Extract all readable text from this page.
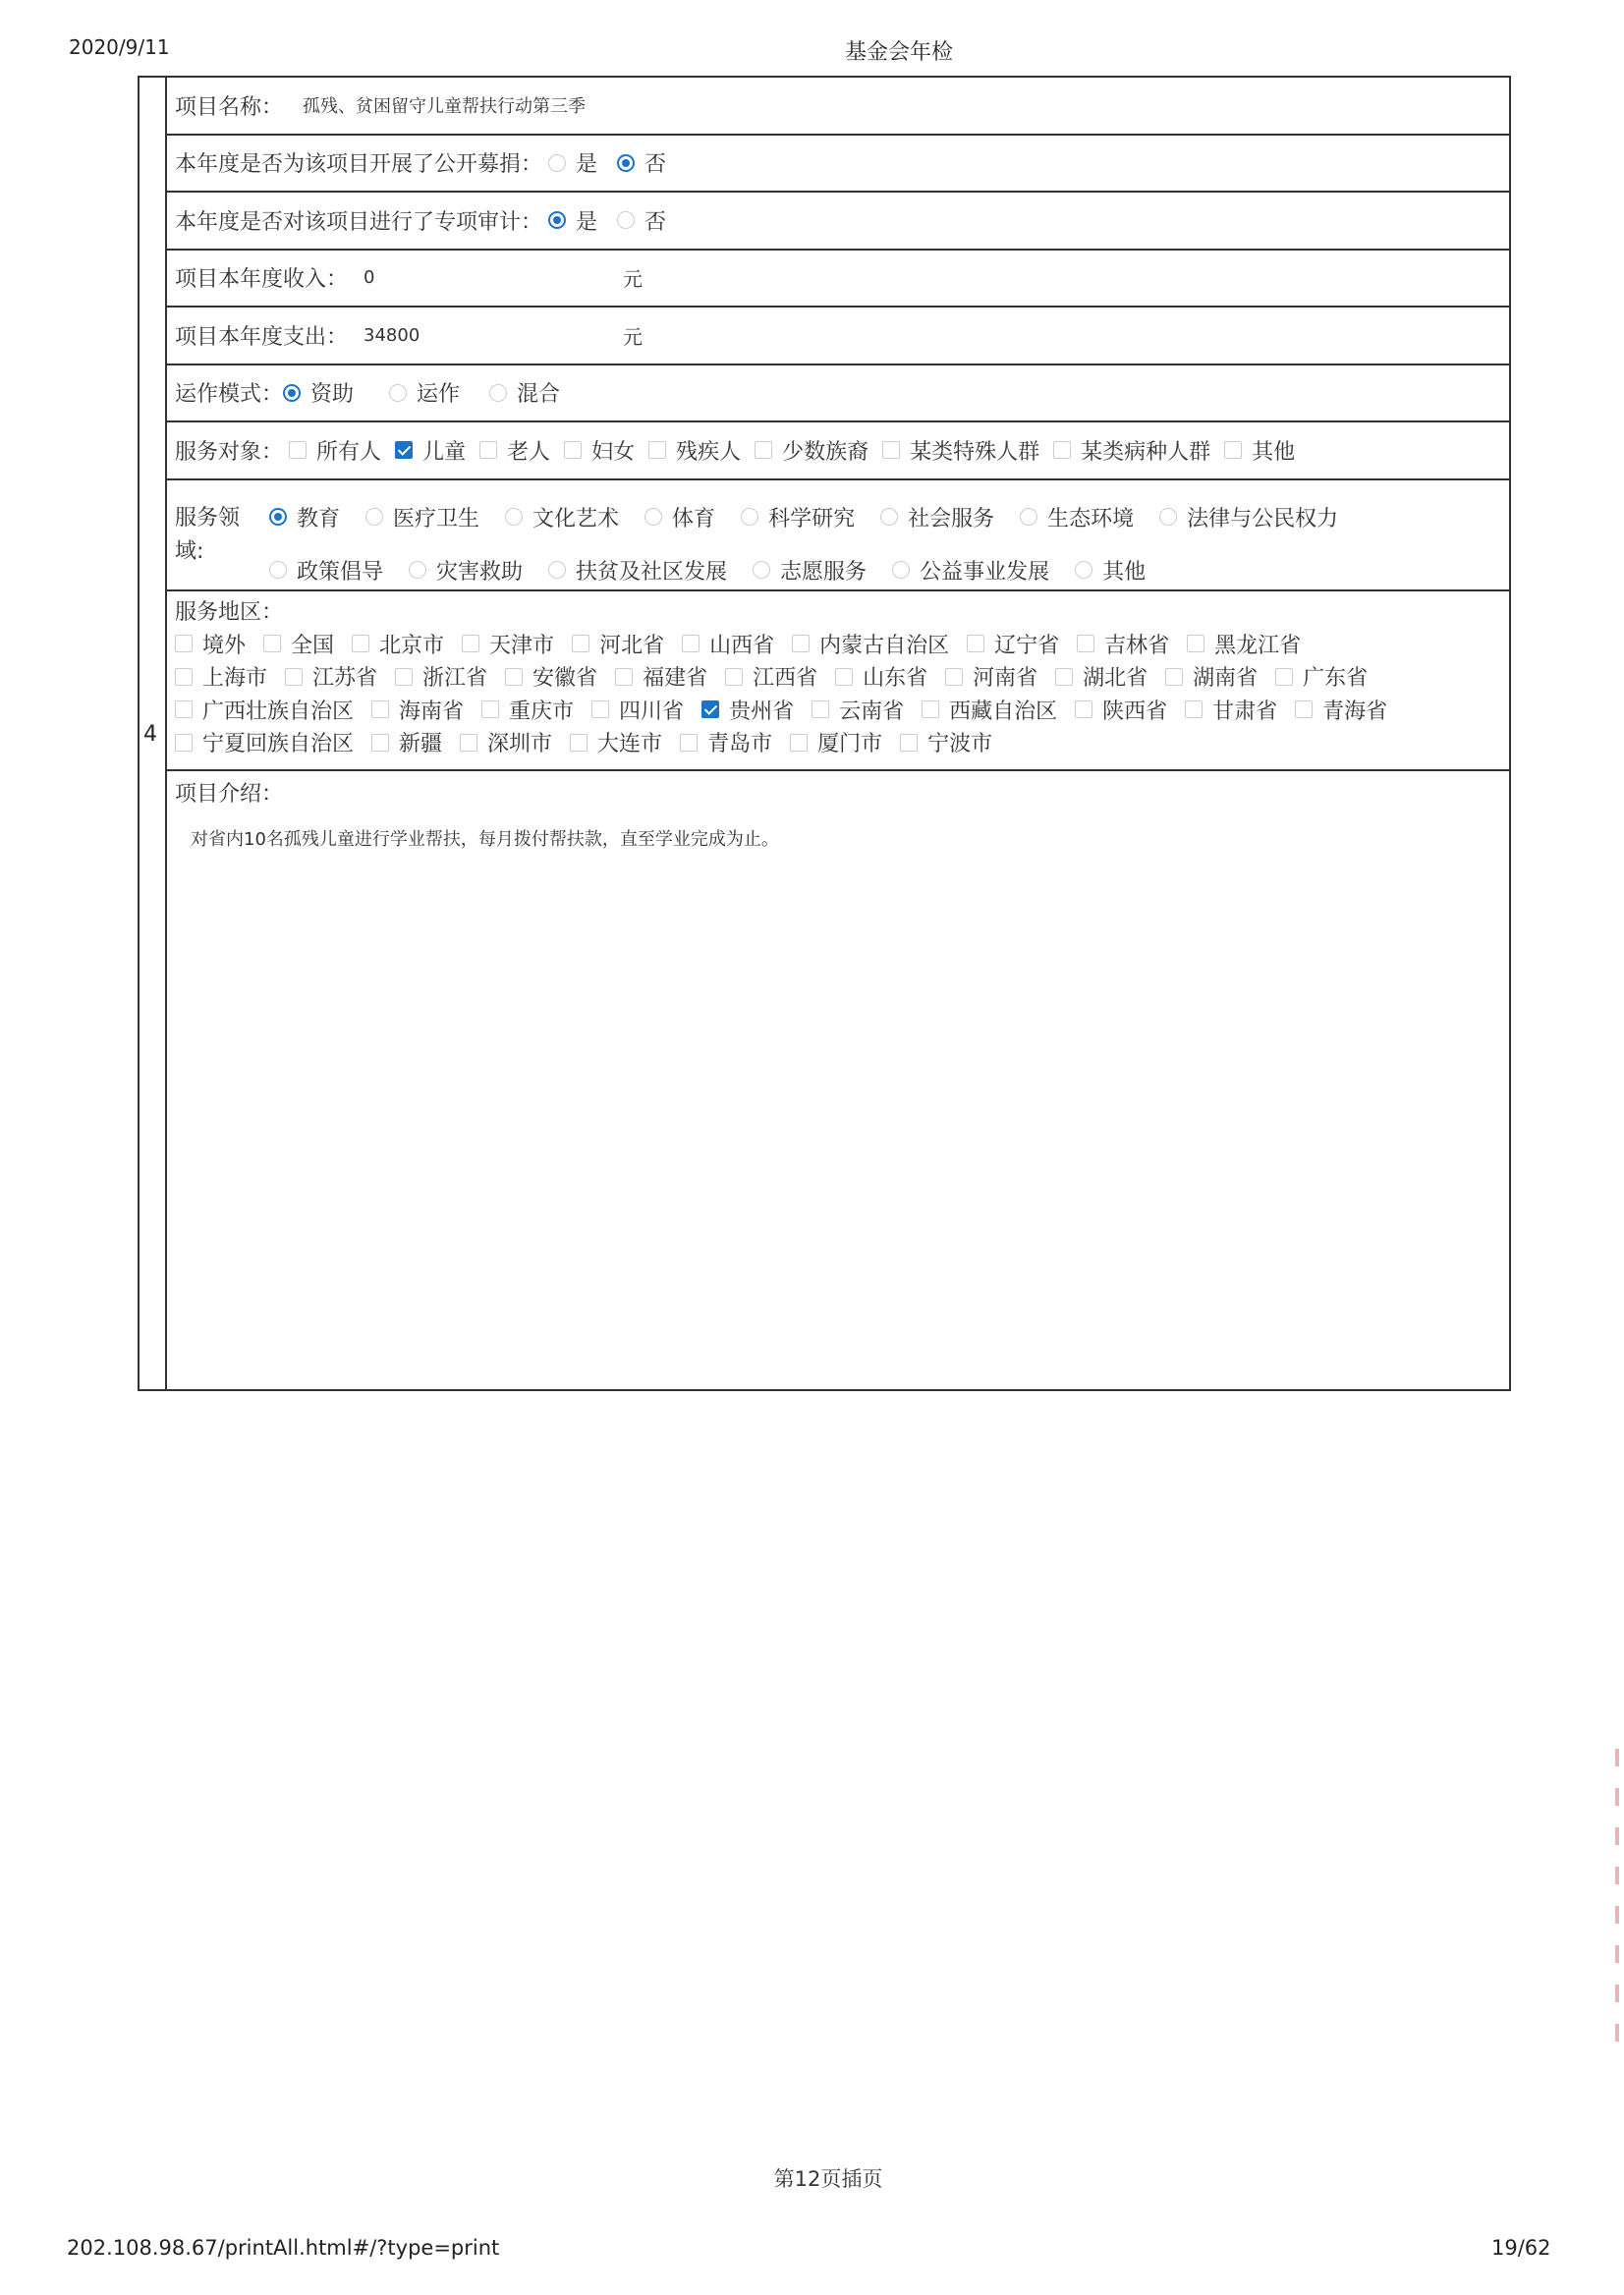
2020/9/11	基金会年检
4
项目名称： 孤残、贫困留守儿童帮扶行动第三季
本年度是否为该项目开展了公开募捐： 是 否
本年度是否对该项目进行了专项审计： 是 否
项目本年度收入： 0	元
项目本年度支出： 34800	元
运作模式： 资助	运作	混合
服务对象： 所有人 儿童 老人 妇女 残疾人 少数族裔 某类特殊人群 某类病种人群 其他
服务领域:
教育 医疗卫生 文化艺术 体育 科学研究 社会服务 生态环境 法律与公民权力
政策倡导 灾害救助 扶贫及社区发展 志愿服务 公益事业发展 其他
服务地区：
境外 全国 北京市 天津市 河北省 山西省 内蒙古自治区 辽宁省 吉林省 黑龙江省
上海市 江苏省 浙江省 安徽省 福建省 江西省 山东省 河南省 湖北省 湖南省 广东省
广西壮族自治区 海南省 重庆市 四川省 贵州省 云南省 西藏自治区 陕西省 甘肃省 青海省
宁夏回族自治区 新疆 深圳市 大连市 青岛市 厦门市 宁波市
项目介绍：
对省内10名孤残儿童进行学业帮扶，每月拨付帮扶款，直至学业完成为止。
第12页插页
202.108.98.67/printAll.html#/?type=print	19/62
